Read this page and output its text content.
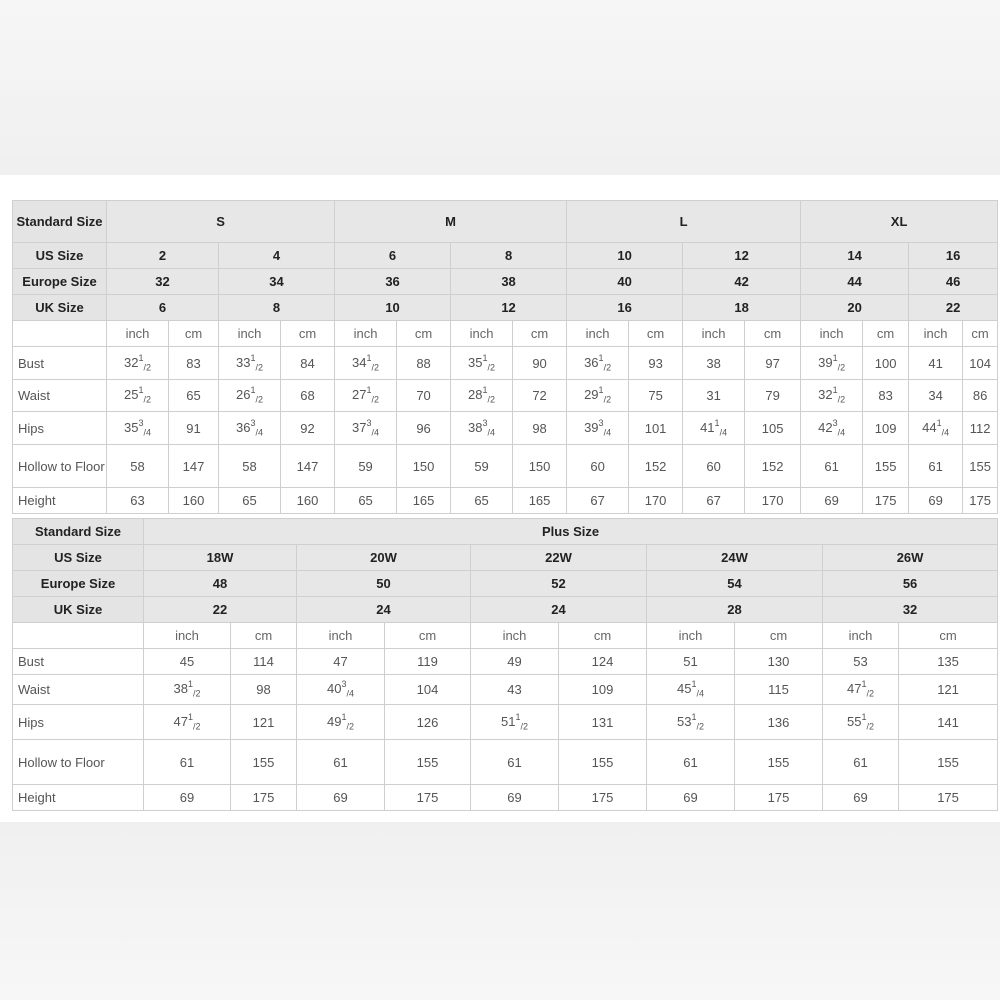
Standard Size	S				M				L				XL			
US Size	2		4		6		8		10		12		14		16	
Europe Size	32		34		36		38		40		42		44		46	
UK Size	6		8		10		12		16		18		20		22	
	inch	cm	inch	cm	inch	cm	inch	cm	inch	cm	inch	cm	inch	cm	inch	cm
Bust	$32^1_{/2}$	83	$33^1_{/2}$	84	$34^1_{/2}$	88	$35^1_{/2}$	90	$36^1_{/2}$	93	38	97	$39^1_{/2}$	100	41	104
Waist	$25^1_{/2}$	65	$26^1_{/2}$	68	$27^1_{/2}$	70	$28^1_{/2}$	72	$29^1_{/2}$	75	31	79	$32^1_{/2}$	83	34	86
Hips	$35^3_{/4}$	91	$36^3_{/4}$	92	$37^3_{/4}$	96	$38^3_{/4}$	98	$39^3_{/4}$	101	$41^1_{/4}$	105	$42^3_{/4}$	109	$44^1_{/4}$	112
Hollow to Floor	58	147	58	147	59	150	59	150	60	152	60	152	61	155	61	155
Height	63	160	65	160	65	165	65	165	67	170	67	170	69	175	69	175
Standard Size	Plus Size									
US Size	18W		20W		22W		24W		26W	
Europe Size	48		50		52		54		56	
UK Size	22		24		24		28		32	
	inch	cm	inch	cm	inch	cm	inch	cm	inch	cm
Bust	45	114	47	119	49	124	51	130	53	135
Waist	$38^1_{/2}$	98	$40^3_{/4}$	104	43	109	$45^1_{/4}$	115	$47^1_{/2}$	121
Hips	$47^1_{/2}$	121	$49^1_{/2}$	126	$51^1_{/2}$	131	$53^1_{/2}$	136	$55^1_{/2}$	141
Hollow to Floor	61	155	61	155	61	155	61	155	61	155
Height	69	175	69	175	69	175	69	175	69	175
